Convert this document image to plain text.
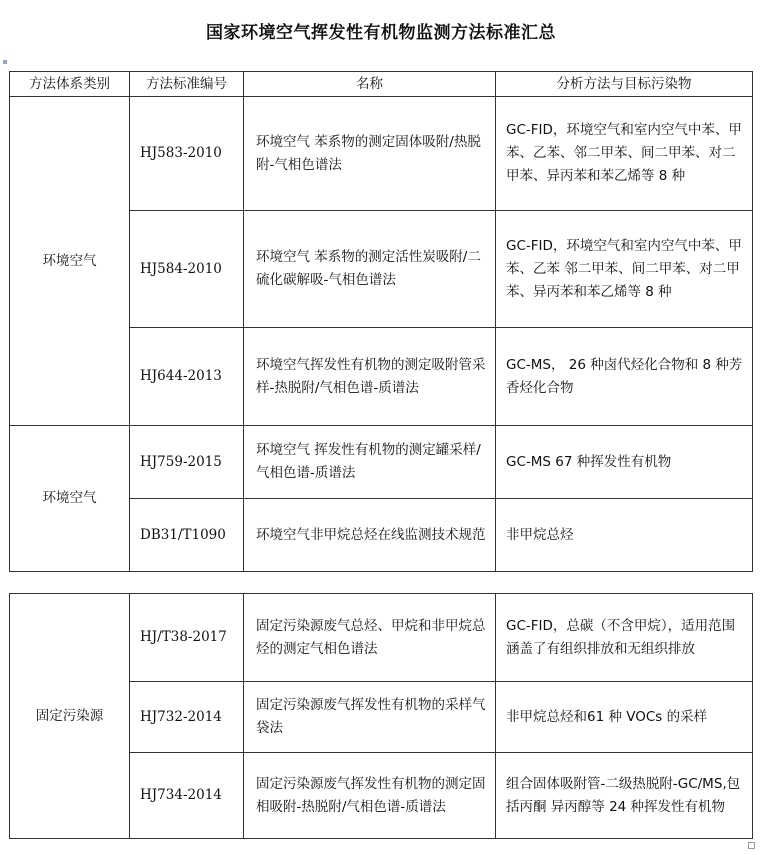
国家环境空气挥发性有机物监测方法标准汇总
方法体系类别	方法标准编号	名称	分析方法与目标污染物
环境空气	HJ583-2010	环境空气 苯系物的测定固体吸附/热脱附-气相色谱法	GC-FID，环境空气和室内空气中苯、甲苯、乙苯、邻二甲苯、间二甲苯、对二甲苯、异丙苯和苯乙烯等 8 种
	HJ584-2010	环境空气 苯系物的测定活性炭吸附/二硫化碳解吸-气相色谱法	GC-FID，环境空气和室内空气中苯、甲苯、乙苯 邻二甲苯、间二甲苯、对二甲苯、异丙苯和苯乙烯等 8 种
	HJ644-2013	环境空气挥发性有机物的测定吸附管采样-热脱附/气相色谱-质谱法	GC-MS， 26 种卤代烃化合物和 8 种芳香烃化合物
环境空气	HJ759-2015	环境空气 挥发性有机物的测定罐采样/气相色谱-质谱法	GC-MS 67 种挥发性有机物
	DB31/T1090	环境空气非甲烷总烃在线监测技术规范	非甲烷总烃
固定污染源	HJ/T38-2017	固定污染源废气总烃、甲烷和非甲烷总烃的测定气相色谱法	GC-FID，总碳（不含甲烷），适用范围涵盖了有组织排放和无组织排放
	HJ732-2014	固定污染源废气挥发性有机物的采样气袋法	非甲烷总烃和61 种 VOCs 的采样
	HJ734-2014	固定污染源废气挥发性有机物的测定固相吸附-热脱附/气相色谱-质谱法	组合固体吸附管-二级热脱附-GC/MS,包括丙酮 异丙醇等 24 种挥发性有机物
